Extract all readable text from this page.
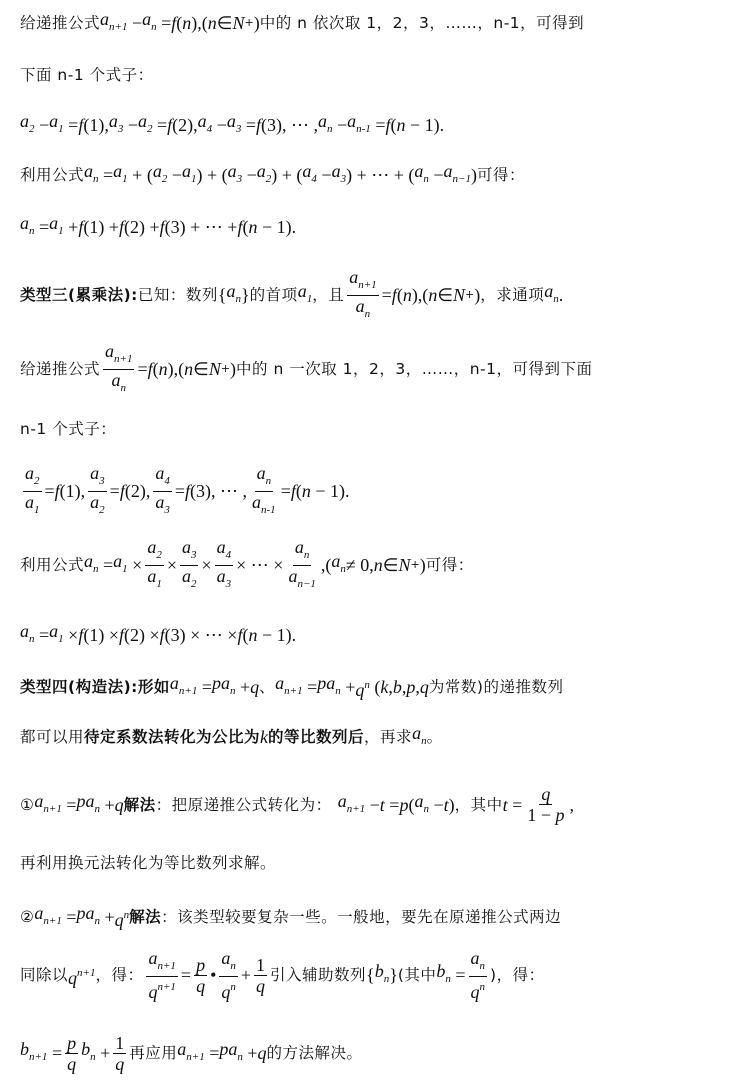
给递推公式 $a_{n+1} - a_n = f$ ( n ),( n ∈ N + ) 中的 n 依次取 1，2，3，……，n-1，可得到
下面 n-1 个式子：
$a_2 - a_1 = f$ (1), $a_3 - a_2 = f$ (2), $a_4 - a_3 = f$ (3), ⋯ , $a_n - a_{n-1} = f$ ( n − 1).
利用公式 $a_n = a_1$ + ( $a_2 - a_1$ ) + ( $a_3 - a_2$ ) + ( $a_4 - a_3$ ) + ⋯ + ( $a_n - a_{n-1}$ ) 可得：
$a_n = a_1 + f$ (1) + f (2) + f (3) + ⋯ + f ( n − 1).
类型三(累乘法): 已知：数列 { $a_n$ } 的首项 $a_1$ ，且 $\frac{a_{n+1}}{a_n} = f$ ( n ),( n ∈ N + ) ，求通项 $a_n$ .
给递推公式 $\frac{a_{n+1}}{a_n} = f$ ( n ),( n ∈ N + ) 中的 n 一次取 1，2，3，……，n-1，可得到下面
n-1 个式子：
$\frac{a_2}{a_1} = f$ (1), $\frac{a_3}{a_2} = f$ (2), $\frac{a_4}{a_3} = f$ (3), ⋯ , $\frac{a_n}{a_{n-1}} = f$ ( n − 1).
利用公式 $a_n = a_1 \times \frac{a_2}{a_1} \times \frac{a_3}{a_2} \times \frac{a_4}{a_3}$ × ⋯ × $\frac{a_n}{a_{n-1}}$ ,( $a_n \ne 0$, n ∈ N + ) 可得：
$a_n = a_1 \times f$ (1) × f (2) × f (3) × ⋯ × f ( n − 1).
类型四(构造法): 形如 $a_{n+1} = pa_n + q$ 、 $a_{n+1} = pa_n + q^n$ ( k , b , p , q 为常数)的递推数列
都可以用 待定系数法转化为公比为 k 的等比数列后 ，再求 $a_n$ 。
① $a_{n+1} = pa_n + q$ 解法 ：把原递推公式转化为： $a_{n+1} - t = p$ ( $a_n - t$ ) ，其中 $t = \frac{q}{1 - p}$ ,
再利用换元法转化为等比数列求解。
② $a_{n+1} = pa_n + q^n$ 解法 ：该类型较要复杂一些。一般地，要先在原递推公式两边
同除以 $q^{n+1}$ ，得： $\frac{a_{n+1}}{q^{n+1}} = \frac{p}{q}$ • $\frac{a_n}{q^n} + \frac{1}{q}$ 引入辅助数列 { $b_n$ } (其中 $b_n = \frac{a_n}{q^n}$ )，得：
$b_{n+1} = \frac{p}{q} b_n + \frac{1}{q}$ 再应用 $a_{n+1} = pa_n + q$ 的方法解决。
